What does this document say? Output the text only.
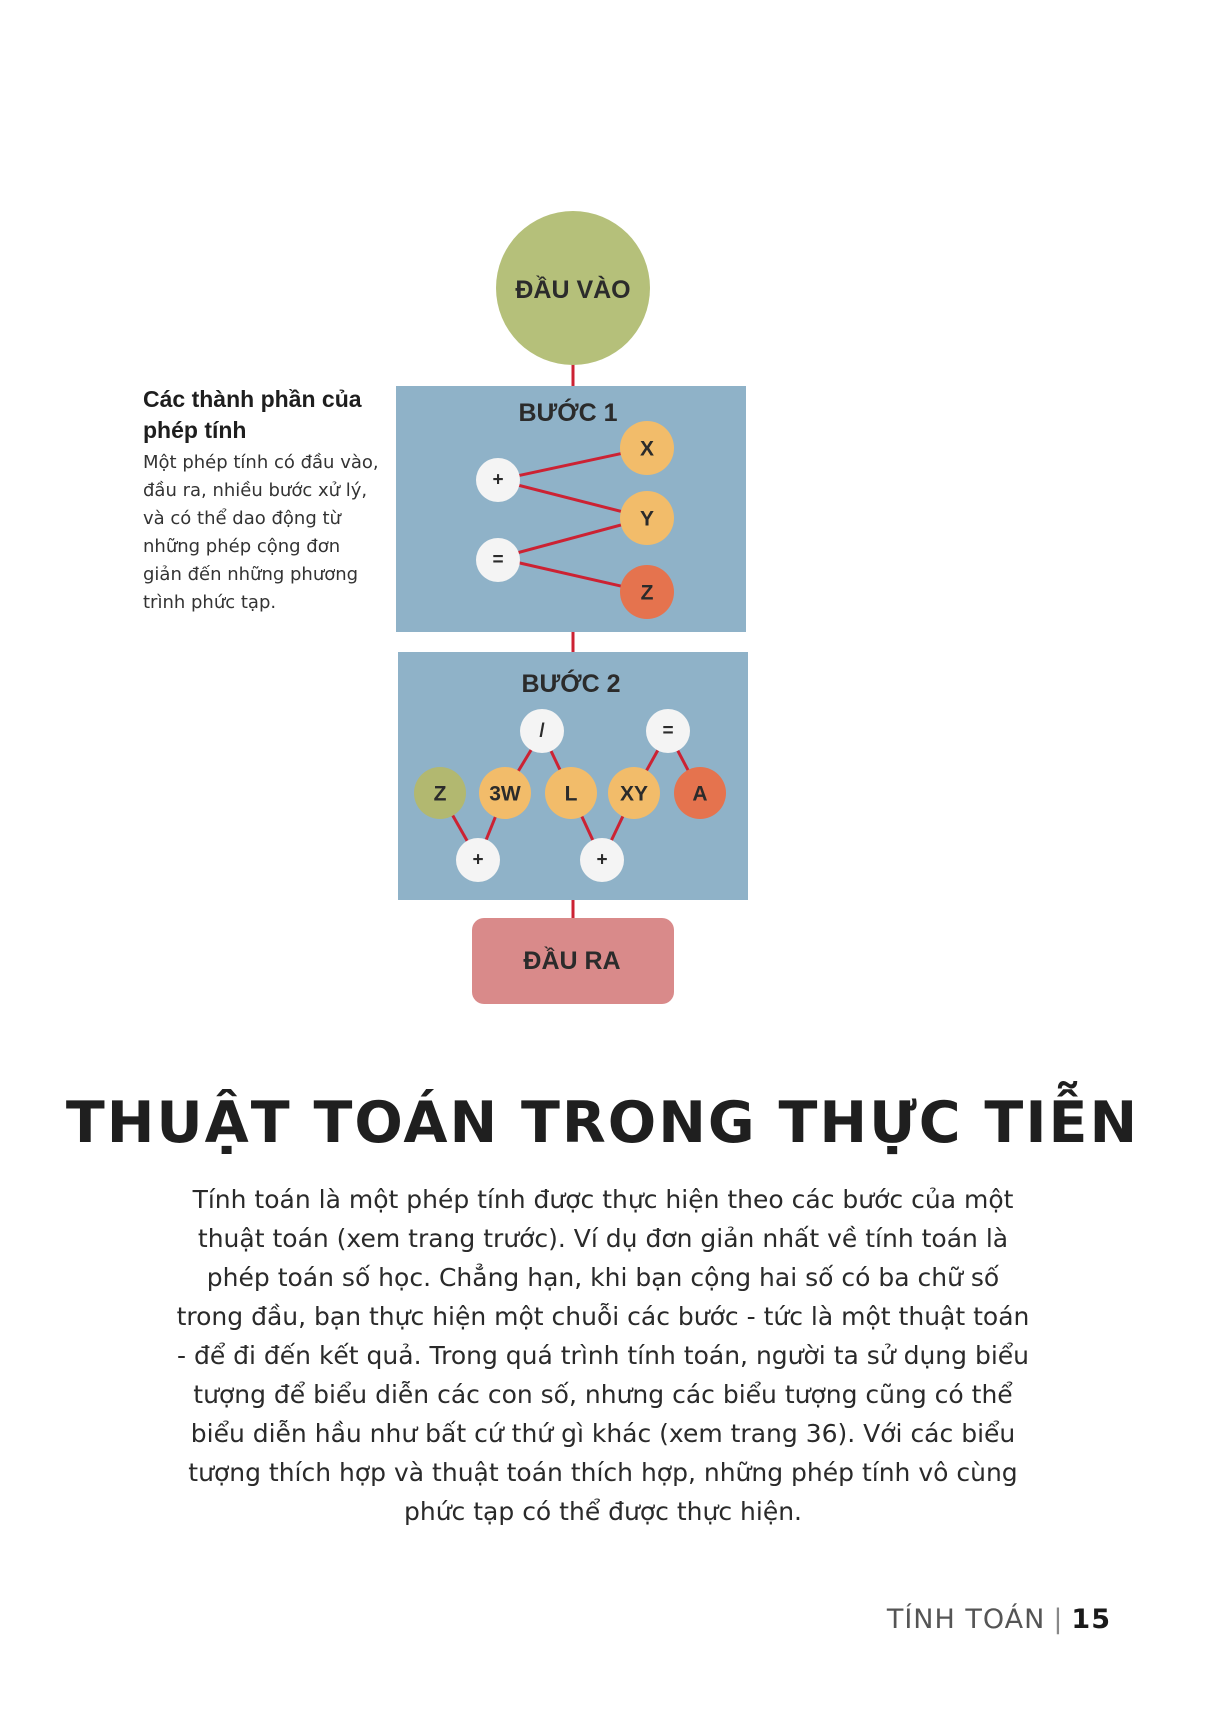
ĐẦU VÀO
BƯỚC 1
+
=
X
Y
Z
BƯỚC 2
/	=
Z 3W L XY A
+	+
ĐẦU RA
Các thành phần của phép tính
Một phép tính có đầu vào, đầu ra, nhiều bước xử lý, và có thể dao động từ những phép cộng đơn giản đến những phương trình phức tạp.
THUẬT TOÁN TRONG THỰC TIỄN

Tính toán là một phép tính được thực hiện theo các bước của một thuật toán (xem trang trước). Ví dụ đơn giản nhất về tính toán là phép toán số học. Chẳng hạn, khi bạn cộng hai số có ba chữ số trong đầu, bạn thực hiện một chuỗi các bước - tức là một thuật toán - để đi đến kết quả. Trong quá trình tính toán, người ta sử dụng biểu tượng để biểu diễn các con số, nhưng các biểu tượng cũng có thể biểu diễn hầu như bất cứ thứ gì khác (xem trang 36). Với các biểu tượng thích hợp và thuật toán thích hợp, những phép tính vô cùng phức tạp có thể được thực hiện.

TÍNH TOÁN | 15
